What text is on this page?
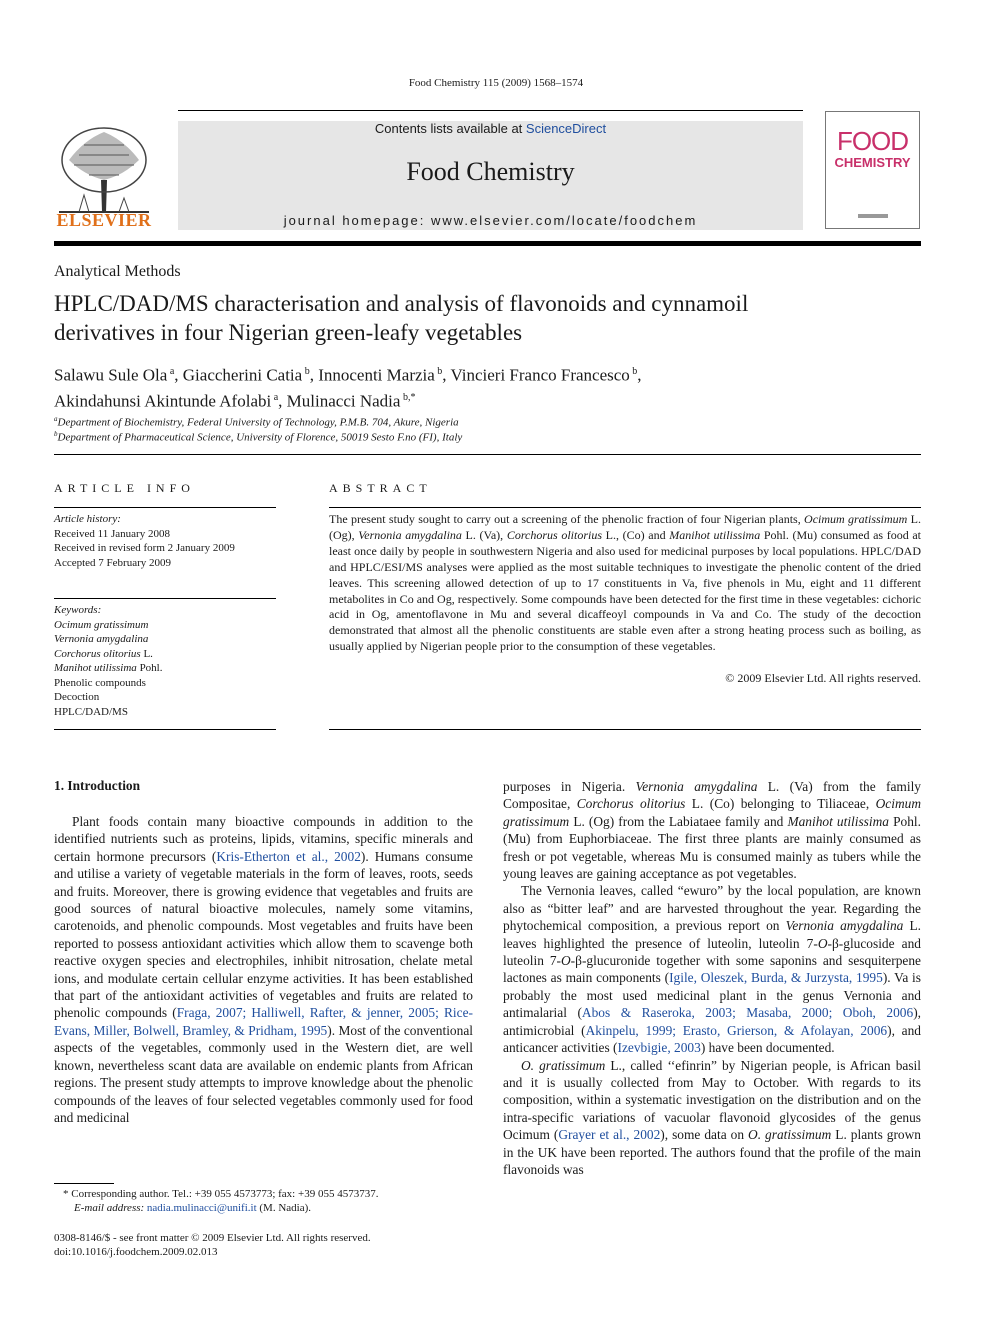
Food Chemistry 115 (2009) 1568–1574
ELSEVIER
Contents lists available at ScienceDirect
Food Chemistry
journal homepage: www.elsevier.com/locate/foodchem
FOOD
CHEMISTRY
Analytical Methods
HPLC/DAD/MS characterisation and analysis of flavonoids and cynnamoil
derivatives in four Nigerian green-leafy vegetables
Salawu Sule Ola $^a$, Giaccherini Catia $^b$, Innocenti Marzia $^b$, Vincieri Franco Francesco $^b$,
Akindahunsi Akintunde Afolabi $^a$, Mulinacci Nadia $^{b,*}$
$^a$Department of Biochemistry, Federal University of Technology, P.M.B. 704, Akure, Nigeria
$^b$Department of Pharmaceutical Science, University of Florence, 50019 Sesto F.no (FI), Italy
ARTICLE INFO
Article history:
Received 11 January 2008
Received in revised form 2 January 2009
Accepted 7 February 2009
Keywords:
Ocimum gratissimum
Vernonia amygdalina
Corchorus olitorius L.
Manihot utilissima Pohl.
Phenolic compounds
Decoction
HPLC/DAD/MS
ABSTRACT
The present study sought to carry out a screening of the phenolic fraction of four Nigerian plants, Ocimum gratissimum L. (Og), Vernonia amygdalina L. (Va), Corchorus olitorius L., (Co) and Manihot utilissima Pohl. (Mu) consumed as food at least once daily by people in southwestern Nigeria and also used for medicinal purposes by local populations. HPLC/DAD and HPLC/ESI/MS analyses were applied as the most suitable techniques to investigate the phenolic content of the dried leaves. This screening allowed detection of up to 17 constituents in Va, five phenols in Mu, eight and 11 different metabolites in Co and Og, respectively. Some compounds have been detected for the first time in these vegetables: cichoric acid in Og, amentoflavone in Mu and several dicaffeoyl compounds in Va and Co. The study of the decoction demonstrated that almost all the phenolic constituents are stable even after a strong heating process such as boiling, as usually applied by Nigerian people prior to the consumption of these vegetables.
© 2009 Elsevier Ltd. All rights reserved.
1. Introduction

Plant foods contain many bioactive compounds in addition to the identified nutrients such as proteins, lipids, vitamins, specific minerals and certain hormone precursors (Kris-Etherton et al., 2002). Humans consume and utilise a variety of vegetable materials in the form of leaves, roots, seeds and fruits. Moreover, there is growing evidence that vegetables and fruits are good sources of natural bioactive molecules, namely some vitamins, carotenoids, and phenolic compounds. Most vegetables and fruits have been reported to possess antioxidant activities which allow them to scavenge both reactive oxygen species and electrophiles, inhibit nitrosation, chelate metal ions, and modulate certain cellular enzyme activities. It has been established that part of the antioxidant activities of vegetables and fruits are related to phenolic compounds (Fraga, 2007; Halliwell, Rafter, & jenner, 2005; Rice-Evans, Miller, Bolwell, Bramley, & Pridham, 1995). Most of the conventional aspects of the vegetables, commonly used in the Western diet, are well known, nevertheless scant data are available on endemic plants from African regions. The present study attempts to improve knowledge about the phenolic compounds of the leaves of four selected vegetables commonly used for food and medicinal

purposes in Nigeria. Vernonia amygdalina L. (Va) from the family Compositae, Corchorus olitorius L. (Co) belonging to Tiliaceae, Ocimum gratissimum L. (Og) from the Labiataee family and Manihot utilissima Pohl. (Mu) from Euphorbiaceae. The first three plants are mainly consumed as fresh or pot vegetable, whereas Mu is consumed mainly as tubers while the young leaves are gaining acceptance as pot vegetables.

The Vernonia leaves, called “ewuro” by the local population, are known also as “bitter leaf” and are harvested throughout the year. Regarding the phytochemical composition, a previous report on Vernonia amygdalina L. leaves highlighted the presence of luteolin, luteolin 7-O-β-glucoside and luteolin 7-O-β-glucuronide together with some saponins and sesquiterpene lactones as main components (Igile, Oleszek, Burda, & Jurzysta, 1995). Va is probably the most used medicinal plant in the genus Vernonia and antimalarial (Abos & Raseroka, 2003; Masaba, 2000; Oboh, 2006), antimicrobial (Akinpelu, 1999; Erasto, Grierson, & Afolayan, 2006), and anticancer activities (Izevbigie, 2003) have been documented.

O. gratissimum L., called ‘‘efinrin” by Nigerian people, is African basil and it is usually collected from May to October. With regards to its composition, within a systematic investigation on the distribution and on the intra-specific variations of vacuolar flavonoid glycosides of the genus Ocimum (Grayer et al., 2002), some data on O. gratissimum L. plants grown in the UK have been reported. The authors found that the profile of the main flavonoids was

* Corresponding author. Tel.: +39 055 4573773; fax: +39 055 4573737.
E-mail address: nadia.mulinacci@unifi.it (M. Nadia).
0308-8146/$ - see front matter © 2009 Elsevier Ltd. All rights reserved.
doi:10.1016/j.foodchem.2009.02.013
